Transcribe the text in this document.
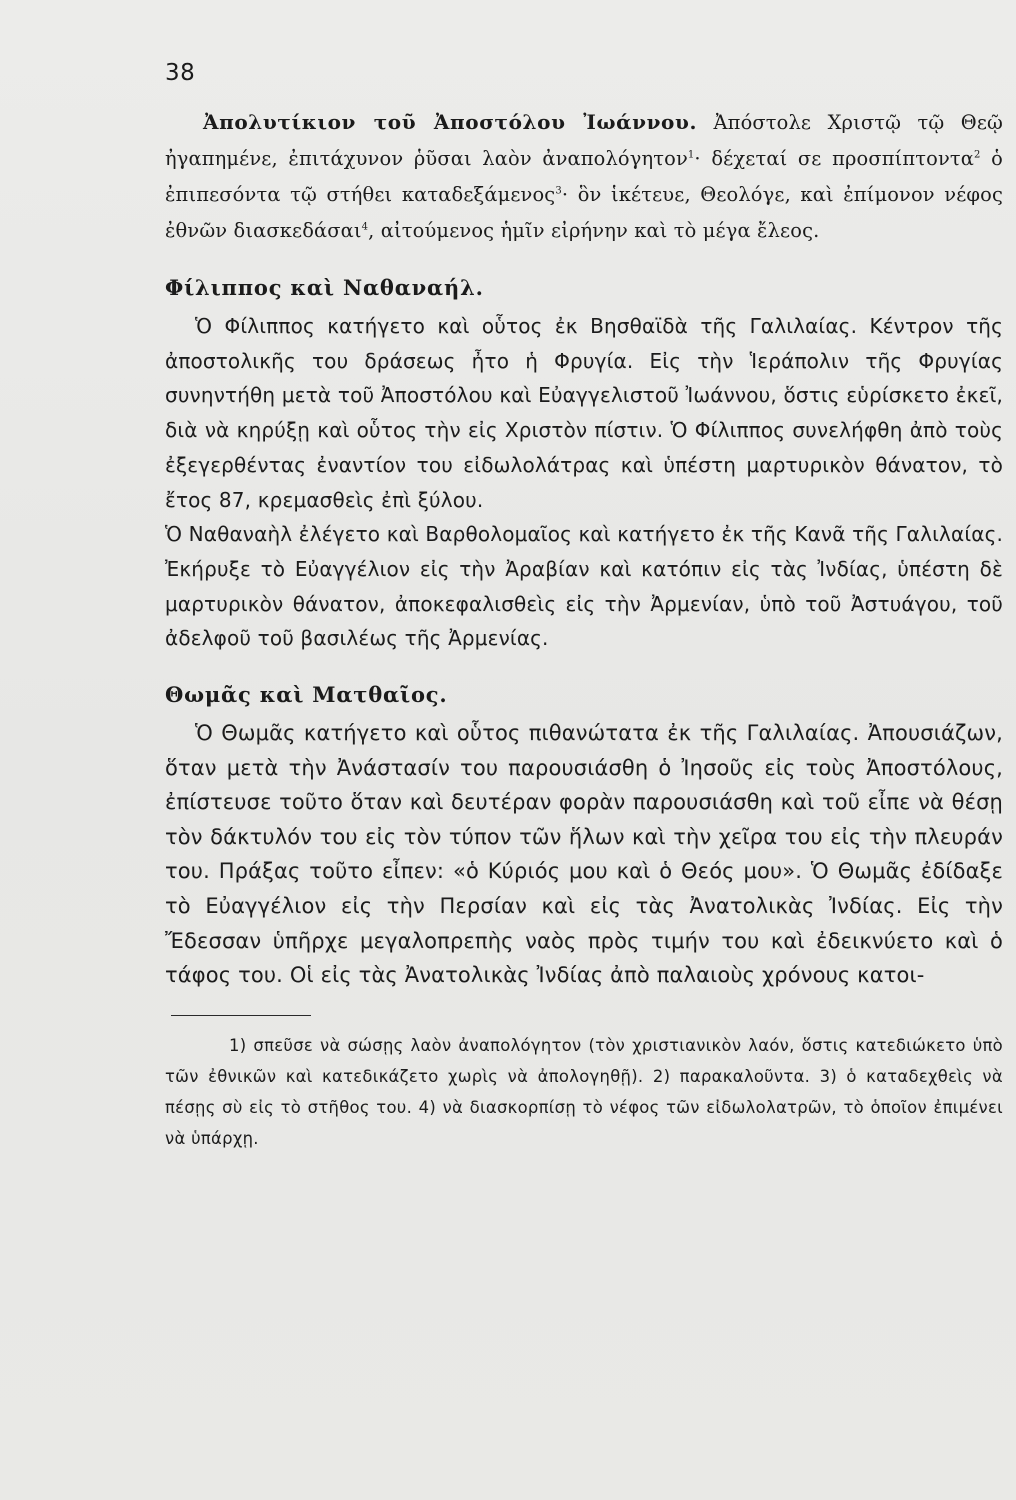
38

Ἀπολυτίκιον τοῦ Ἀποστόλου Ἰωάννου. Ἀπόστολε Χριστῷ τῷ Θεῷ ἠγαπημένε, ἐπιτάχυνον ῥῦσαι λαὸν ἀναπολόγητον$^1$· δέχεταί σε προσπίπτοντα$^2$ ὁ ἐπιπεσόντα τῷ στήθει καταδεξάμενος$^3$· ὃν ἱκέτευε, Θεολόγε, καὶ ἐπίμονον νέφος ἐθνῶν διασκεδάσαι$^4$, αἰτούμενος ἡμῖν εἰρήνην καὶ τὸ μέγα ἔλεος.

Φίλιππος καὶ Ναθαναήλ.

Ὁ Φίλιππος κατήγετο καὶ οὗτος ἐκ Βησθαϊδὰ τῆς Γαλιλαίας. Κέντρον τῆς ἀποστολικῆς του δράσεως ἦτο ἡ Φρυγία. Εἰς τὴν Ἱεράπολιν τῆς Φρυγίας συνηντήθη μετὰ τοῦ Ἀποστόλου καὶ Εὐαγγελιστοῦ Ἰωάννου, ὅστις εὑρίσκετο ἐκεῖ, διὰ νὰ κηρύξῃ καὶ οὗτος τὴν εἰς Χριστὸν πίστιν. Ὁ Φίλιππος συνελήφθη ἀπὸ τοὺς ἐξεγερθέντας ἐναντίον του εἰδωλολάτρας καὶ ὑπέστη μαρτυρικὸν θάνατον, τὸ ἔτος 87, κρεμασθεὶς ἐπὶ ξύλου.

Ὁ Ναθαναὴλ ἐλέγετο καὶ Βαρθολομαῖος καὶ κατήγετο ἐκ τῆς Κανᾶ τῆς Γαλιλαίας. Ἐκήρυξε τὸ Εὐαγγέλιον εἰς τὴν Ἀραβίαν καὶ κατόπιν εἰς τὰς Ἰνδίας, ὑπέστη δὲ μαρτυρικὸν θάνατον, ἀποκεφαλισθεὶς εἰς τὴν Ἀρμενίαν, ὑπὸ τοῦ Ἀστυάγου, τοῦ ἀδελφοῦ τοῦ βασιλέως τῆς Ἀρμενίας.

Θωμᾶς καὶ Ματθαῖος.

Ὁ Θωμᾶς κατήγετο καὶ οὗτος πιθανώτατα ἐκ τῆς Γαλιλαίας. Ἀπουσιάζων, ὅταν μετὰ τὴν Ἀνάστασίν του παρουσιάσθη ὁ Ἰησοῦς εἰς τοὺς Ἀποστόλους, ἐπίστευσε τοῦτο ὅταν καὶ δευτέραν φορὰν παρουσιάσθη καὶ τοῦ εἶπε νὰ θέσῃ τὸν δάκτυλόν του εἰς τὸν τύπον τῶν ἥλων καὶ τὴν χεῖρα του εἰς τὴν πλευράν του. Πράξας τοῦτο εἶπεν: «ὁ Κύριός μου καὶ ὁ Θεός μου». Ὁ Θωμᾶς ἐδίδαξε τὸ Εὐαγγέλιον εἰς τὴν Περσίαν καὶ εἰς τὰς Ἀνατολικὰς Ἰνδίας. Εἰς τὴν Ἔδεσσαν ὑπῆρχε μεγαλοπρεπὴς ναὸς πρὸς τιμήν του καὶ ἐδεικνύετο καὶ ὁ τάφος του. Οἱ εἰς τὰς Ἀνατολικὰς Ἰνδίας ἀπὸ παλαιοὺς χρόνους κατοι-

1) σπεῦσε νὰ σώσῃς λαὸν ἀναπολόγητον (τὸν χριστιανικὸν λαόν, ὅστις κατεδιώκετο ὑπὸ τῶν ἐθνικῶν καὶ κατεδικάζετο χωρὶς νὰ ἀπολογηθῇ). 2) παρακαλοῦντα. 3) ὁ καταδεχθεὶς νὰ πέσῃς σὺ εἰς τὸ στῆθος του. 4) νὰ διασκορπίσῃ τὸ νέφος τῶν εἰδωλολατρῶν, τὸ ὁποῖον ἐπιμένει νὰ ὑπάρχῃ.
